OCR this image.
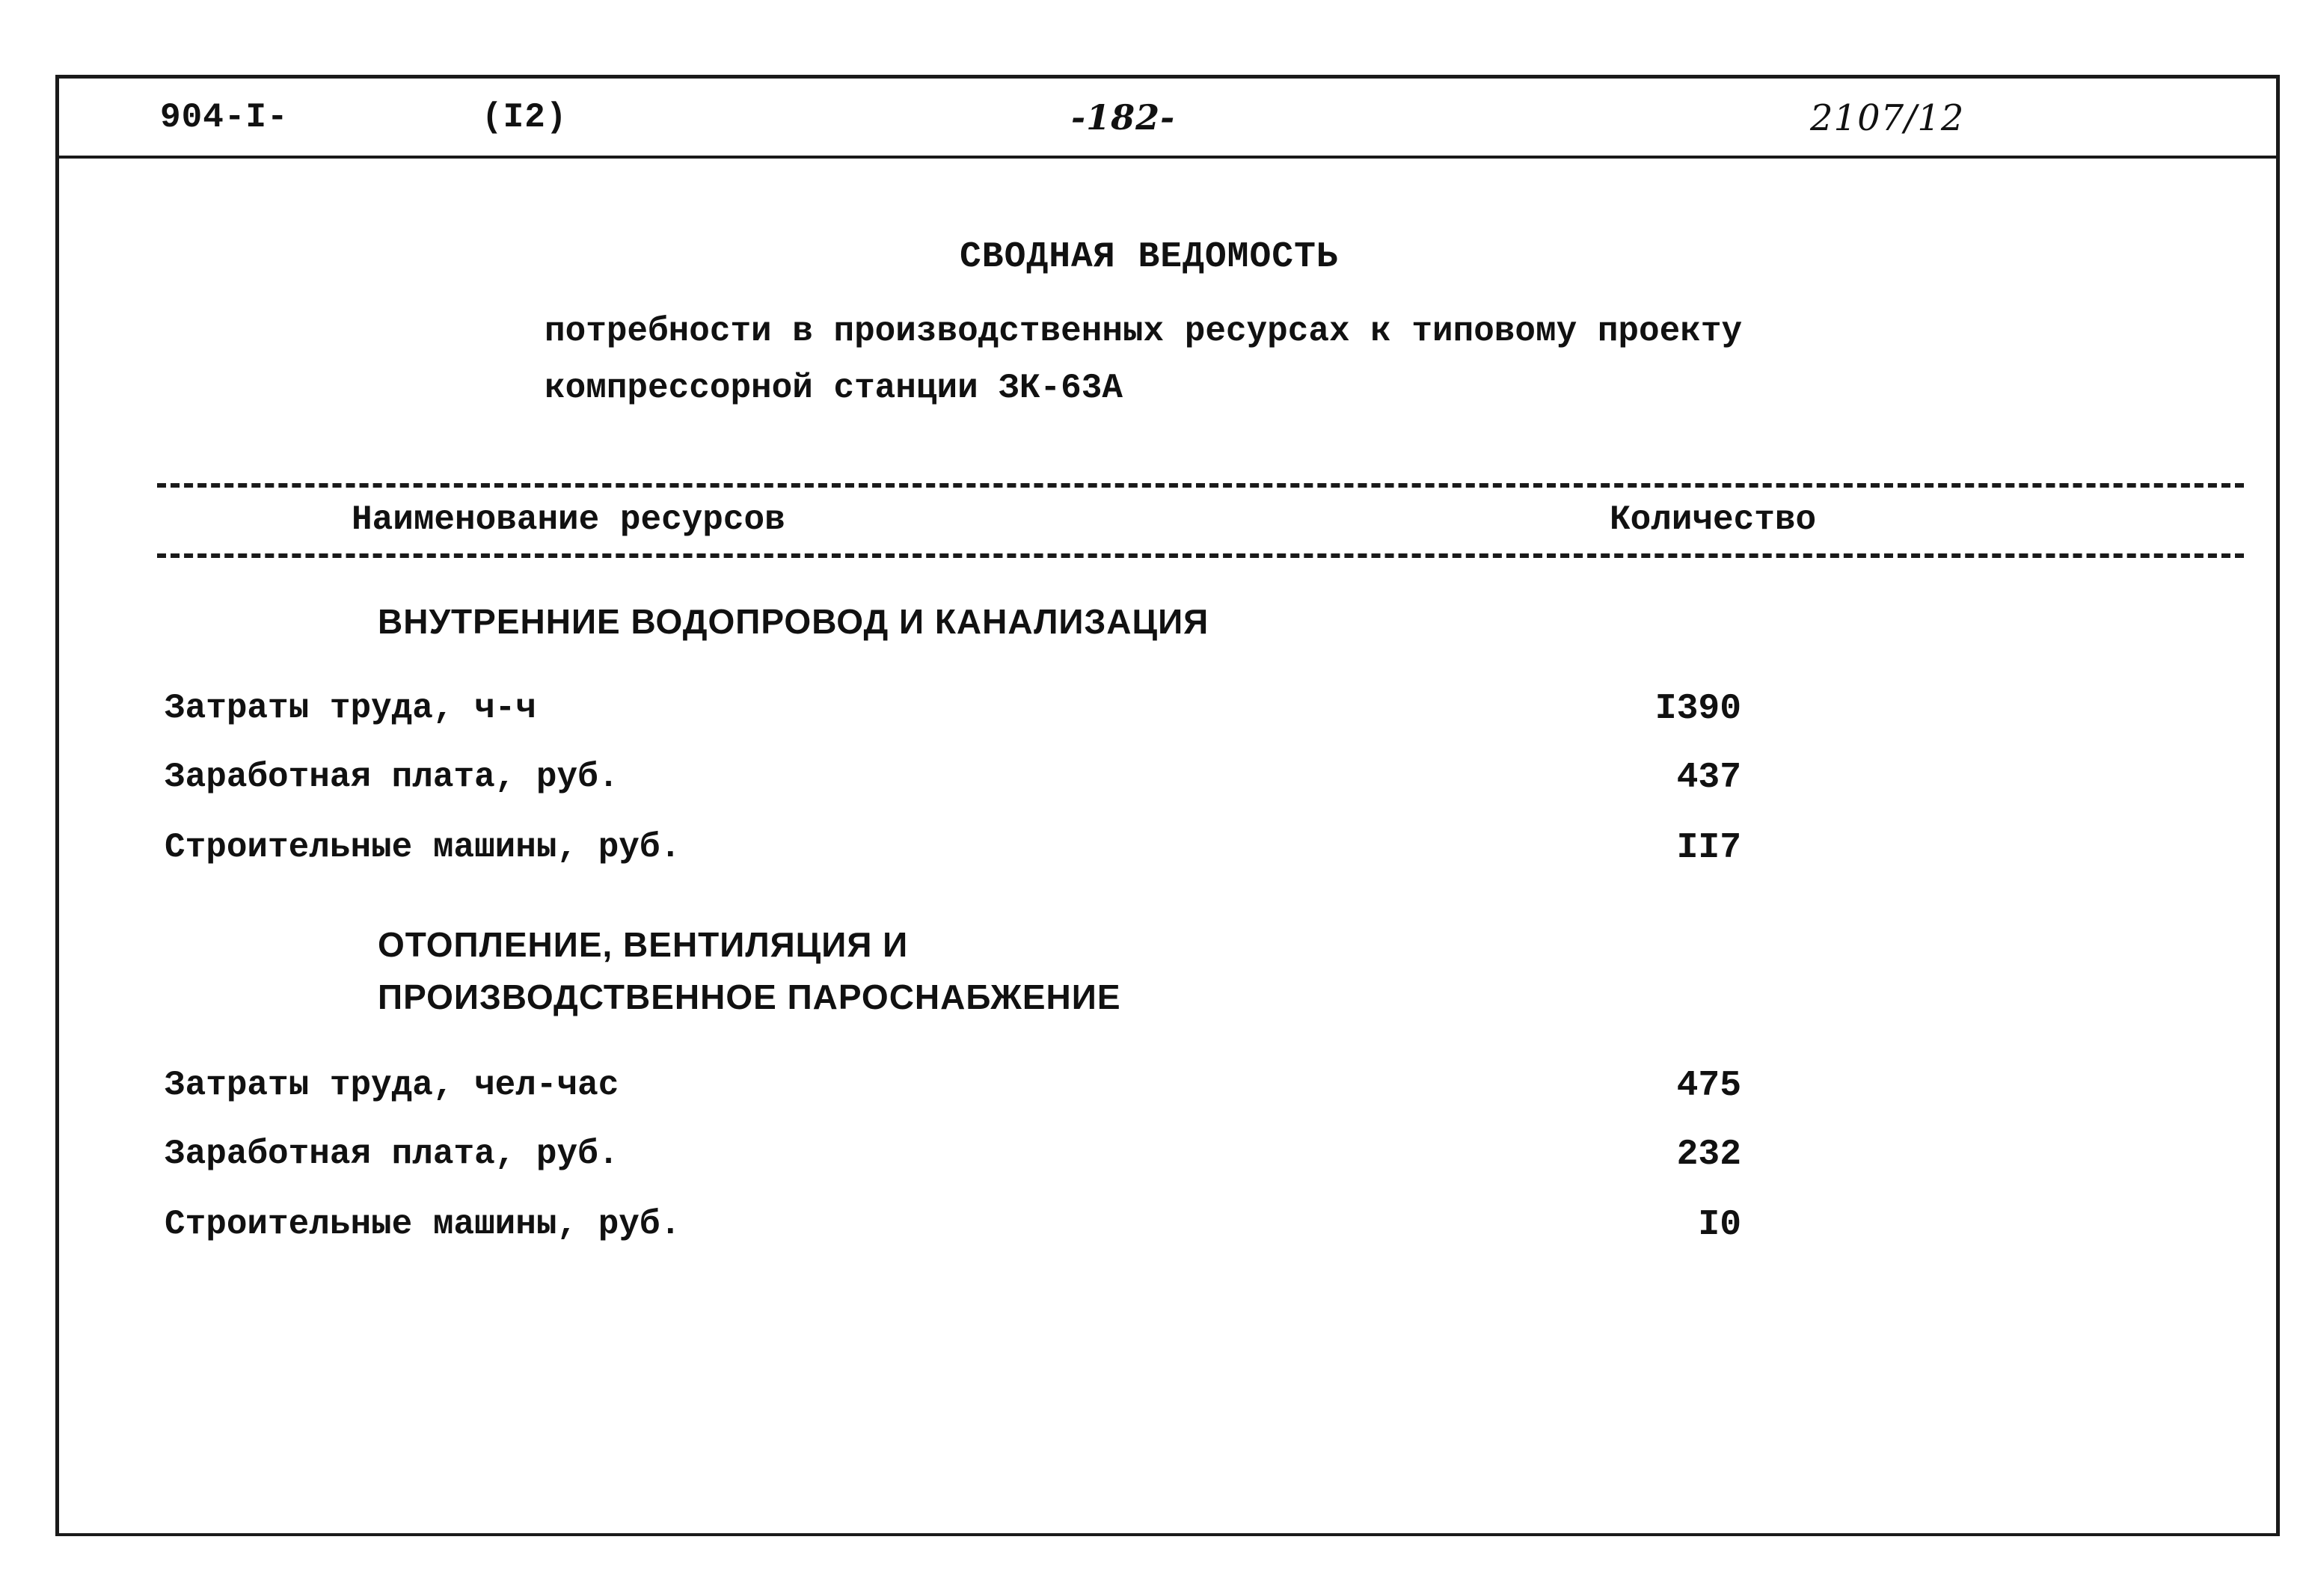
904-I-	(I2)	-182-	2107/12
СВОДНАЯ ВЕДОМОСТЬ
потребности в производственных ресурсах к типовому проекту
компрессорной станции ЗК-63А
Наименование ресурсов	Количество
ВНУТРЕННИЕ ВОДОПРОВОД И КАНАЛИЗАЦИЯ
Затраты труда, ч-ч	I390
Заработная плата, руб.	437
Строительные машины, руб.	II7
ОТОПЛЕНИЕ, ВЕНТИЛЯЦИЯ И
ПРОИЗВОДСТВЕННОЕ ПАРОСНАБЖЕНИЕ
Затраты труда, чел-час	475
Заработная плата, руб.	232
Строительные машины, руб.	I0
